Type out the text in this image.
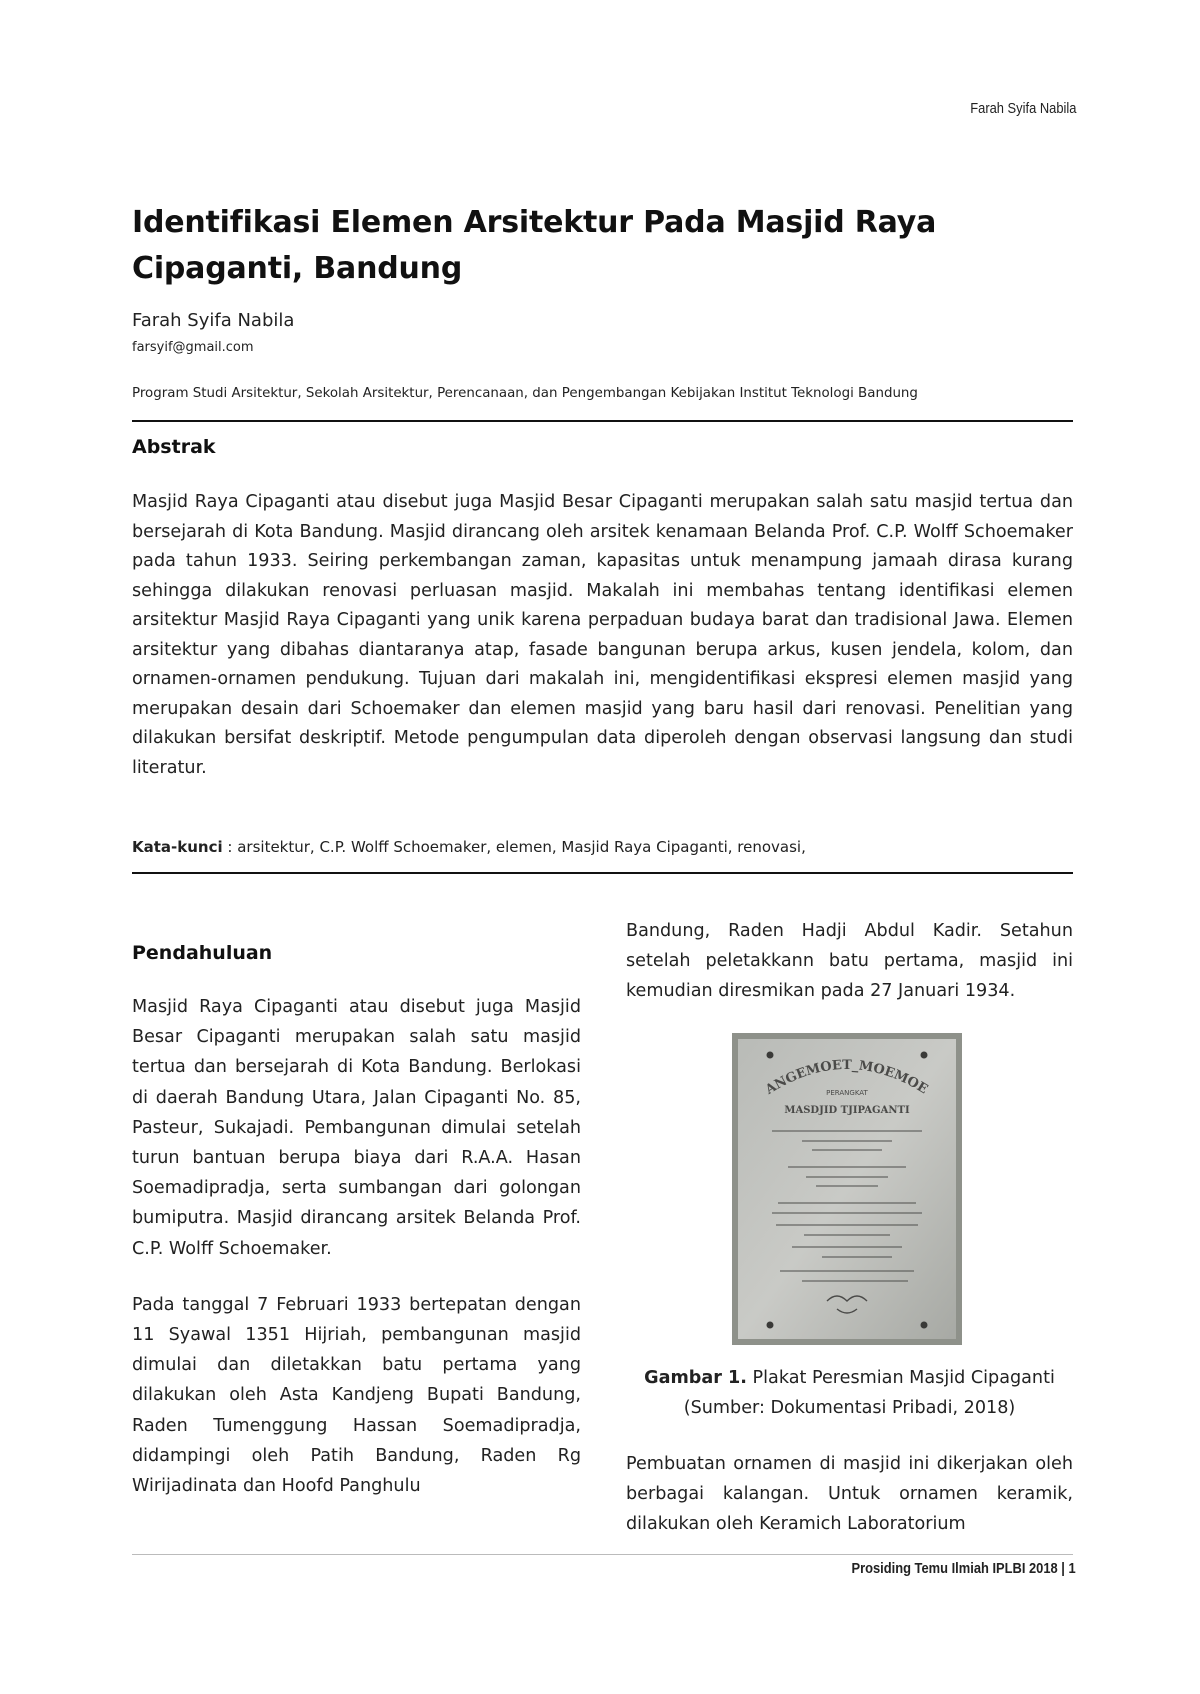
Farah Syifa Nabila
Identifikasi Elemen Arsitektur Pada Masjid Raya Cipaganti, Bandung
Farah Syifa Nabila
farsyif@gmail.com
Program Studi Arsitektur, Sekolah Arsitektur, Perencanaan, dan Pengembangan Kebijakan Institut Teknologi Bandung
Abstrak

Masjid Raya Cipaganti atau disebut juga Masjid Besar Cipaganti merupakan salah satu masjid tertua dan bersejarah di Kota Bandung. Masjid dirancang oleh arsitek kenamaan Belanda Prof. C.P. Wolff Schoemaker pada tahun 1933. Seiring perkembangan zaman, kapasitas untuk menampung jamaah dirasa kurang sehingga dilakukan renovasi perluasan masjid. Makalah ini membahas tentang identifikasi elemen arsitektur Masjid Raya Cipaganti yang unik karena perpaduan budaya barat dan tradisional Jawa. Elemen arsitektur yang dibahas diantaranya atap, fasade bangunan berupa arkus, kusen jendela, kolom, dan ornamen-ornamen pendukung. Tujuan dari makalah ini, mengidentifikasi ekspresi elemen masjid yang merupakan desain dari Schoemaker dan elemen masjid yang baru hasil dari renovasi. Penelitian yang dilakukan bersifat deskriptif. Metode pengumpulan data diperoleh dengan observasi langsung dan studi literatur.

Kata-kunci : arsitektur, C.P. Wolff Schoemaker, elemen, Masjid Raya Cipaganti, renovasi,
Pendahuluan

Masjid Raya Cipaganti atau disebut juga Masjid Besar Cipaganti merupakan salah satu masjid tertua dan bersejarah di Kota Bandung. Berlokasi di daerah Bandung Utara, Jalan Cipaganti No. 85, Pasteur, Sukajadi. Pembangunan dimulai setelah turun bantuan berupa biaya dari R.A.A. Hasan Soemadipradja, serta sumbangan dari golongan bumiputra. Masjid dirancang arsitek Belanda Prof. C.P. Wolff Schoemaker.

Pada tanggal 7 Februari 1933 bertepatan dengan 11 Syawal 1351 Hijriah, pembangunan masjid dimulai dan diletakkan batu pertama yang dilakukan oleh Asta Kandjeng Bupati Bandung, Raden Tumenggung Hassan Soemadipradja, didampingi oleh Patih Bandung, Raden Rg Wirijadinata dan Hoofd Panghulu

Bandung, Raden Hadji Abdul Kadir. Setahun setelah peletakkann batu pertama, masjid ini kemudian diresmikan pada 27 Januari 1934.

ANGEMOET_MOEMOE
PERANGKAT
MASDJID TJIPAGANTI

Gambar 1. Plakat Peresmian Masjid Cipaganti
(Sumber: Dokumentasi Pribadi, 2018)

Pembuatan ornamen di masjid ini dikerjakan oleh berbagai kalangan. Untuk ornamen keramik, dilakukan oleh Keramich Laboratorium

Prosiding Temu Ilmiah IPLBI 2018 | 1
